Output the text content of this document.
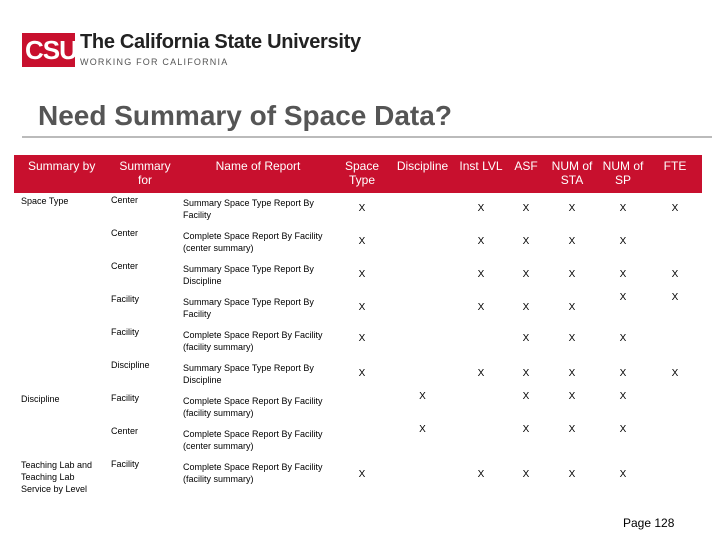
CSU The California State University
WORKING FOR CALIFORNIA
Need Summary of Space Data?
Summary by	Summary for	Name of Report	Space Type	Discipline	Inst LVL	ASF	NUM of STA	NUM of SP	FTE
Space Type	Center	Summary Space Type Report By Facility	X		X	X	X	X	X
	Center	Complete Space Report By Facility (center summary)	X		X	X	X	X	
	Center	Summary Space Type Report By Discipline	X		X	X	X	X	X
	Facility	Summary Space Type Report By Facility	X		X	X	X	X	X
	Facility	Complete Space Report By Facility (facility summary)	X			X	X	X	
	Discipline	Summary Space Type Report By Discipline	X		X	X	X	X	X
Discipline	Facility	Complete Space Report By Facility (facility summary)		X		X	X	X	
	Center	Complete Space Report By Facility (center summary)		X		X	X	X	
Teaching Lab and Teaching Lab Service by Level	Facility	Complete Space Report By Facility (facility summary)	X		X	X	X	X	
Page 128
